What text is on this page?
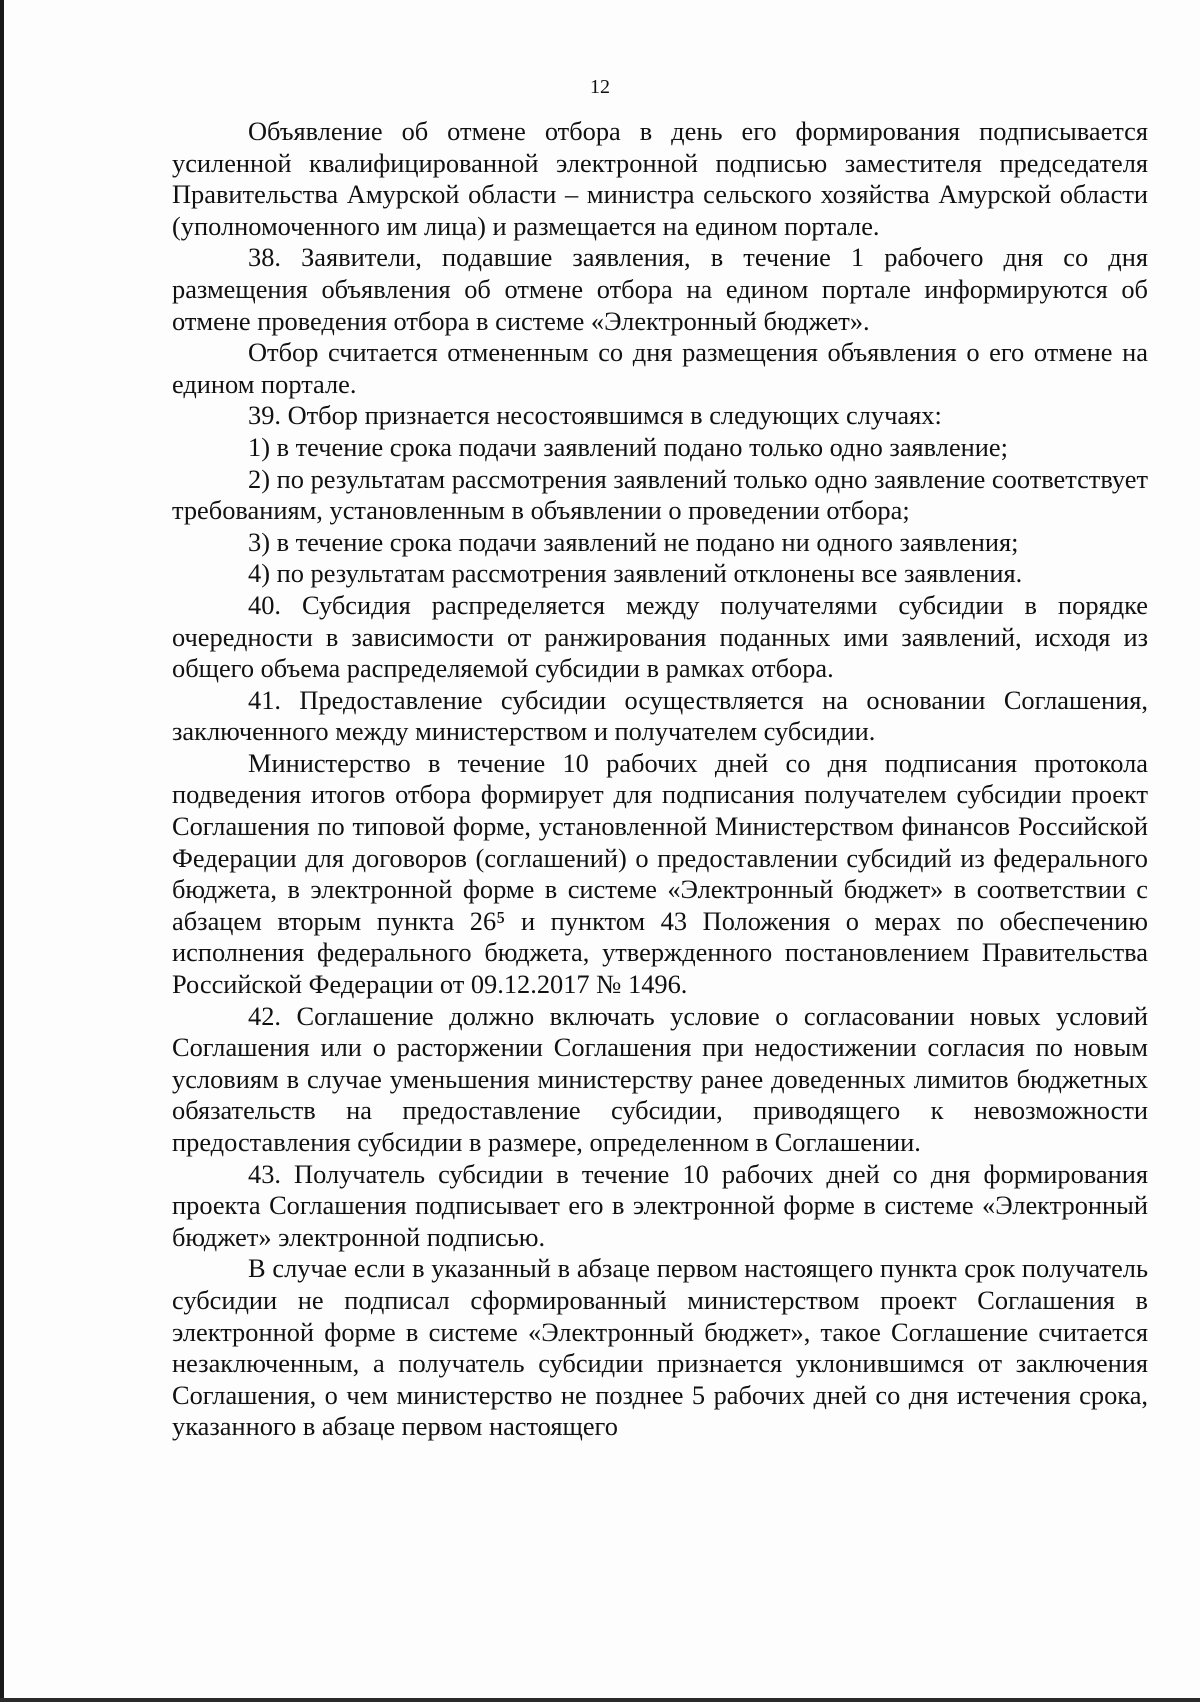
12

Объявление об отмене отбора в день его формирования подписывается усиленной квалифицированной электронной подписью заместителя председателя Правительства Амурской области – министра сельского хозяйства Амурской области (уполномоченного им лица) и размещается на едином портале.

38. Заявители, подавшие заявления, в течение 1 рабочего дня со дня размещения объявления об отмене отбора на едином портале информируются об отмене проведения отбора в системе «Электронный бюджет».

Отбор считается отмененным со дня размещения объявления о его отмене на едином портале.

39. Отбор признается несостоявшимся в следующих случаях:

1) в течение срока подачи заявлений подано только одно заявление;

2) по результатам рассмотрения заявлений только одно заявление соответствует требованиям, установленным в объявлении о проведении отбора;

3) в течение срока подачи заявлений не подано ни одного заявления;

4) по результатам рассмотрения заявлений отклонены все заявления.

40. Субсидия распределяется между получателями субсидии в порядке очередности в зависимости от ранжирования поданных ими заявлений, исходя из общего объема распределяемой субсидии в рамках отбора.

41. Предоставление субсидии осуществляется на основании Соглашения, заключенного между министерством и получателем субсидии.

Министерство в течение 10 рабочих дней со дня подписания протокола подведения итогов отбора формирует для подписания получателем субсидии проект Соглашения по типовой форме, установленной Министерством финансов Российской Федерации для договоров (соглашений) о предоставлении субсидий из федерального бюджета, в электронной форме в системе «Электронный бюджет» в соответствии с абзацем вторым пункта 26⁵ и пунктом 43 Положения о мерах по обеспечению исполнения федерального бюджета, утвержденного постановлением Правительства Российской Федерации от 09.12.2017 № 1496.

42. Соглашение должно включать условие о согласовании новых условий Соглашения или о расторжении Соглашения при недостижении согласия по новым условиям в случае уменьшения министерству ранее доведенных лимитов бюджетных обязательств на предоставление субсидии, приводящего к невозможности предоставления субсидии в размере, определенном в Соглашении.

43. Получатель субсидии в течение 10 рабочих дней со дня формирования проекта Соглашения подписывает его в электронной форме в системе «Электронный бюджет» электронной подписью.

В случае если в указанный в абзаце первом настоящего пункта срок получатель субсидии не подписал сформированный министерством проект Соглашения в электронной форме в системе «Электронный бюджет», такое Соглашение считается незаключенным, а получатель субсидии признается уклонившимся от заключения Соглашения, о чем министерство не позднее 5 рабочих дней со дня истечения срока, указанного в абзаце первом настоящего
